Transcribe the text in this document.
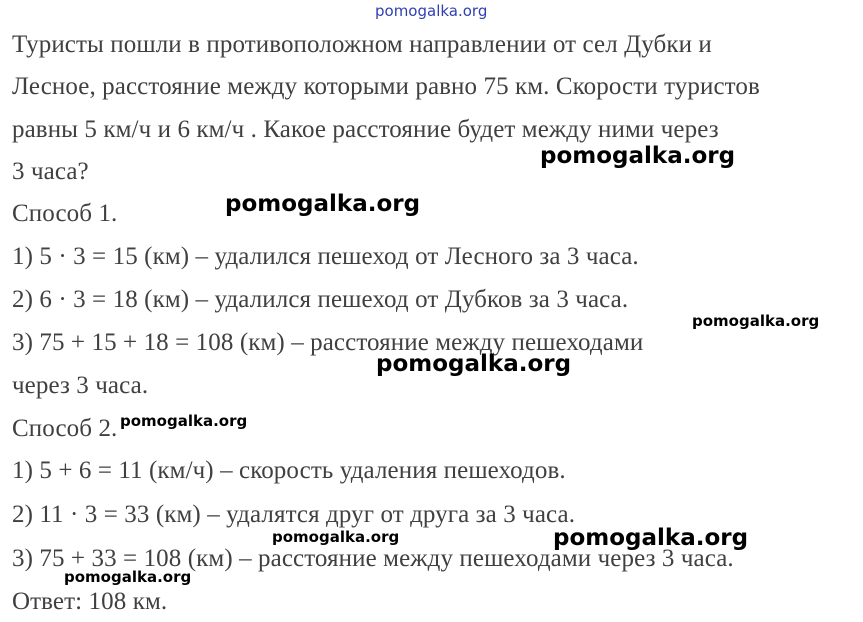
pomogalka.org
Туристы пошли в противоположном направлении от сел Дубки и
Лесное, расстояние между которыми равно 75 км. Скорости туристов
равны 5 км/ч и 6 км/ч . Какое расстояние будет между ними через
3 часа?
Способ 1.
1) 5 · 3 = 15 (км) – удалился пешеход от Лесного за 3 часа.
2) 6 · 3 = 18 (км) – удалился пешеход от Дубков за 3 часа.
3) 75 + 15 + 18 = 108 (км) – расстояние между пешеходами
через 3 часа.
Способ 2.
1) 5 + 6 = 11 (км/ч) – скорость удаления пешеходов.
2) 11 · 3 = 33 (км) – удалятся друг от друга за 3 часа.
3) 75 + 33 = 108 (км) – расстояние между пешеходами через 3 часа.
Ответ: 108 км.
pomogalka.org
pomogalka.org
pomogalka.org
pomogalka.org
pomogalka.org
pomogalka.org	pomogalka.org
pomogalka.org
